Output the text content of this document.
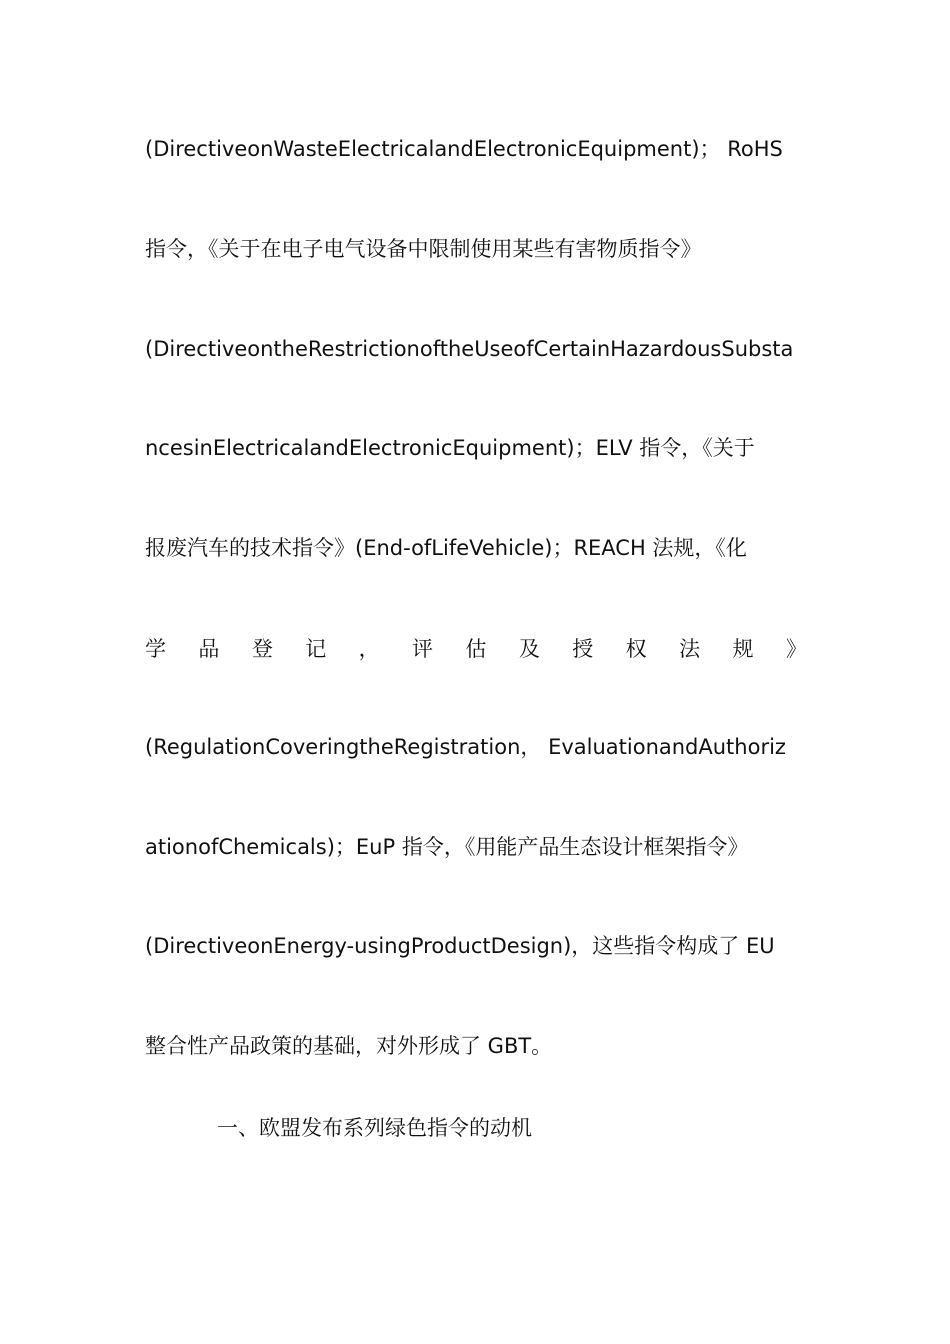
(DirectiveonWasteElectricalandElectronicEquipment)； RoHS
指令，《关于在电子电气设备中限制使用某些有害物质指令》
(DirectiveontheRestrictionoftheUseofCertainHazardousSubsta
ncesinElectricalandElectronicEquipment)；ELV 指令，《关于
报废汽车的技术指令》(End-ofLifeVehicle)；REACH 法规，《化
学 品 登 记 ， 评 估 及 授 权 法 规 》
(RegulationCoveringtheRegistration， EvaluationandAuthoriz
ationofChemicals)；EuP 指令，《用能产品生态设计框架指令》
(DirectiveonEnergy-usingProductDesign)，这些指令构成了 EU
整合性产品政策的基础，对外形成了 GBT。
一、欧盟发布系列绿色指令的动机
